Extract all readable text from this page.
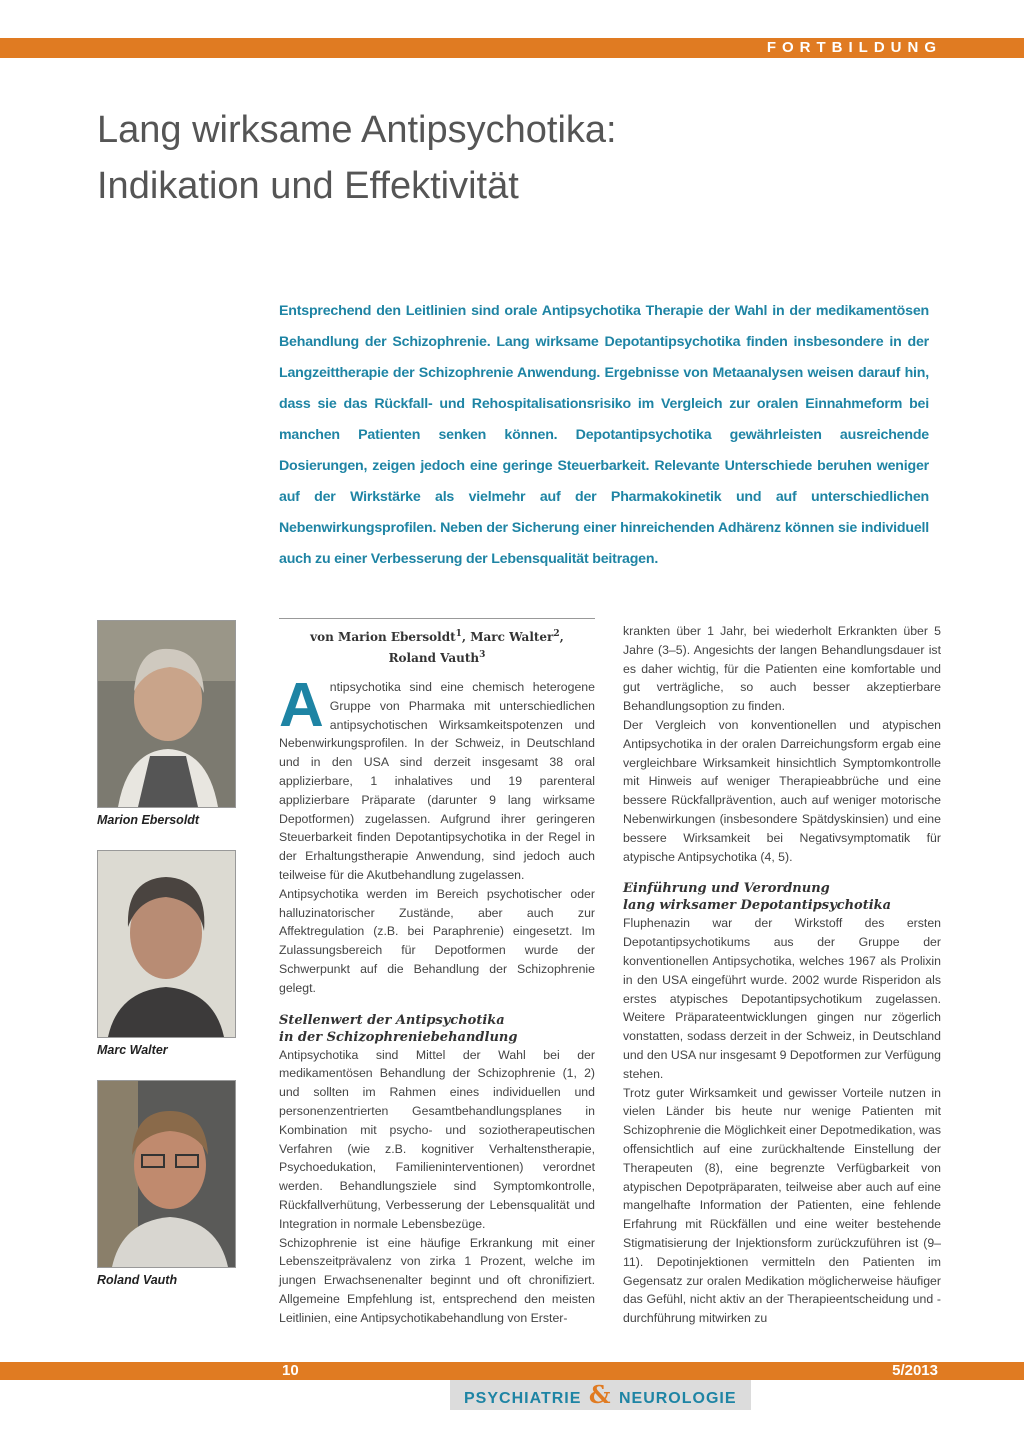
FORTBILDUNG
Lang wirksame Antipsychotika:
Indikation und Effektivität

Entsprechend den Leitlinien sind orale Antipsychotika Therapie der Wahl in der medikamentösen Behandlung der Schizophrenie. Lang wirksame Depotantipsychotika finden insbesondere in der Langzeittherapie der Schizophrenie Anwendung. Ergebnisse von Metaanalysen weisen darauf hin, dass sie das Rückfall- und Rehospitalisationsrisiko im Vergleich zur oralen Einnahmeform bei manchen Patienten senken können. Depotantipsychotika gewährleisten ausreichende Dosierungen, zeigen jedoch eine geringe Steuerbarkeit. Relevante Unterschiede beruhen weniger auf der Wirkstärke als vielmehr auf der Pharmakokinetik und auf unterschiedlichen Nebenwirkungsprofilen. Neben der Sicherung einer hinreichenden Adhärenz können sie individuell auch zu einer Verbesserung der Lebensqualität beitragen.

Marion Ebersoldt
Marc Walter
Roland Vauth
von Marion Ebersoldt$^1$, Marc Walter$^2$,
Roland Vauth$^3$

Antipsychotika sind eine chemisch heterogene Gruppe von Pharmaka mit unterschiedlichen antipsychotischen Wirksamkeitspotenzen und Nebenwirkungsprofilen. In der Schweiz, in Deutschland und in den USA sind derzeit insgesamt 38 oral applizierbare, 1 inhalatives und 19 parenteral applizierbare Präparate (darunter 9 lang wirksame Depotformen) zugelassen. Aufgrund ihrer geringeren Steuerbarkeit finden Depotantipsychotika in der Regel in der Erhaltungstherapie Anwendung, sind jedoch auch teilweise für die Akutbehandlung zugelassen.

Antipsychotika werden im Bereich psychotischer oder halluzinatorischer Zustände, aber auch zur Affektregulation (z.B. bei Paraphrenie) eingesetzt. Im Zulassungsbereich für Depotformen wurde der Schwerpunkt auf die Behandlung der Schizophrenie gelegt.

Stellenwert der Antipsychotika
in der Schizophreniebehandlung

Antipsychotika sind Mittel der Wahl bei der medikamentösen Behandlung der Schizophrenie (1, 2) und sollten im Rahmen eines individuellen und personenzentrierten Gesamtbehandlungsplanes in Kombination mit psycho- und soziotherapeutischen Verfahren (wie z.B. kognitiver Verhaltenstherapie, Psychoedukation, Familieninterventionen) verordnet werden. Behandlungsziele sind Symptomkontrolle, Rückfallverhütung, Verbesserung der Lebensqualität und Integration in normale Lebensbezüge.

Schizophrenie ist eine häufige Erkrankung mit einer Lebenszeitprävalenz von zirka 1 Prozent, welche im jungen Erwachsenenalter beginnt und oft chronifiziert. Allgemeine Empfehlung ist, entsprechend den meisten Leitlinien, eine Antipsychotikabehandlung von Erster-

krankten über 1 Jahr, bei wiederholt Erkrankten über 5 Jahre (3–5). Angesichts der langen Behandlungsdauer ist es daher wichtig, für die Patienten eine komfortable und gut verträgliche, so auch besser akzeptierbare Behandlungsoption zu finden.

Der Vergleich von konventionellen und atypischen Antipsychotika in der oralen Darreichungsform ergab eine vergleichbare Wirksamkeit hinsichtlich Symptomkontrolle mit Hinweis auf weniger Therapieabbrüche und eine bessere Rückfallprävention, auch auf weniger motorische Nebenwirkungen (insbesondere Spätdyskinsien) und eine bessere Wirksamkeit bei Negativsymptomatik für atypische Antipsychotika (4, 5).

Einführung und Verordnung
lang wirksamer Depotantipsychotika

Fluphenazin war der Wirkstoff des ersten Depotantipsychotikums aus der Gruppe der konventionellen Antipsychotika, welches 1967 als Prolixin in den USA eingeführt wurde. 2002 wurde Risperidon als erstes atypisches Depotantipsychotikum zugelassen. Weitere Präparateentwicklungen gingen nur zögerlich vonstatten, sodass derzeit in der Schweiz, in Deutschland und den USA nur insgesamt 9 Depotformen zur Verfügung stehen.

Trotz guter Wirksamkeit und gewisser Vorteile nutzen in vielen Länder bis heute nur wenige Patienten mit Schizophrenie die Möglichkeit einer Depotmedikation, was offensichtlich auf eine zurückhaltende Einstellung der Therapeuten (8), eine begrenzte Verfügbarkeit von atypischen Depotpräparaten, teilweise aber auch auf eine mangelhafte Information der Patienten, eine fehlende Erfahrung mit Rückfällen und eine weiter bestehende Stigmatisierung der Injektionsform zurückzuführen ist (9–11). Depotinjektionen vermitteln den Patienten im Gegensatz zur oralen Medikation möglicherweise häufiger das Gefühl, nicht aktiv an der Therapieentscheidung und -durchführung mitwirken zu

10	5/2013
PSYCHIATRIE & NEUROLOGIE
